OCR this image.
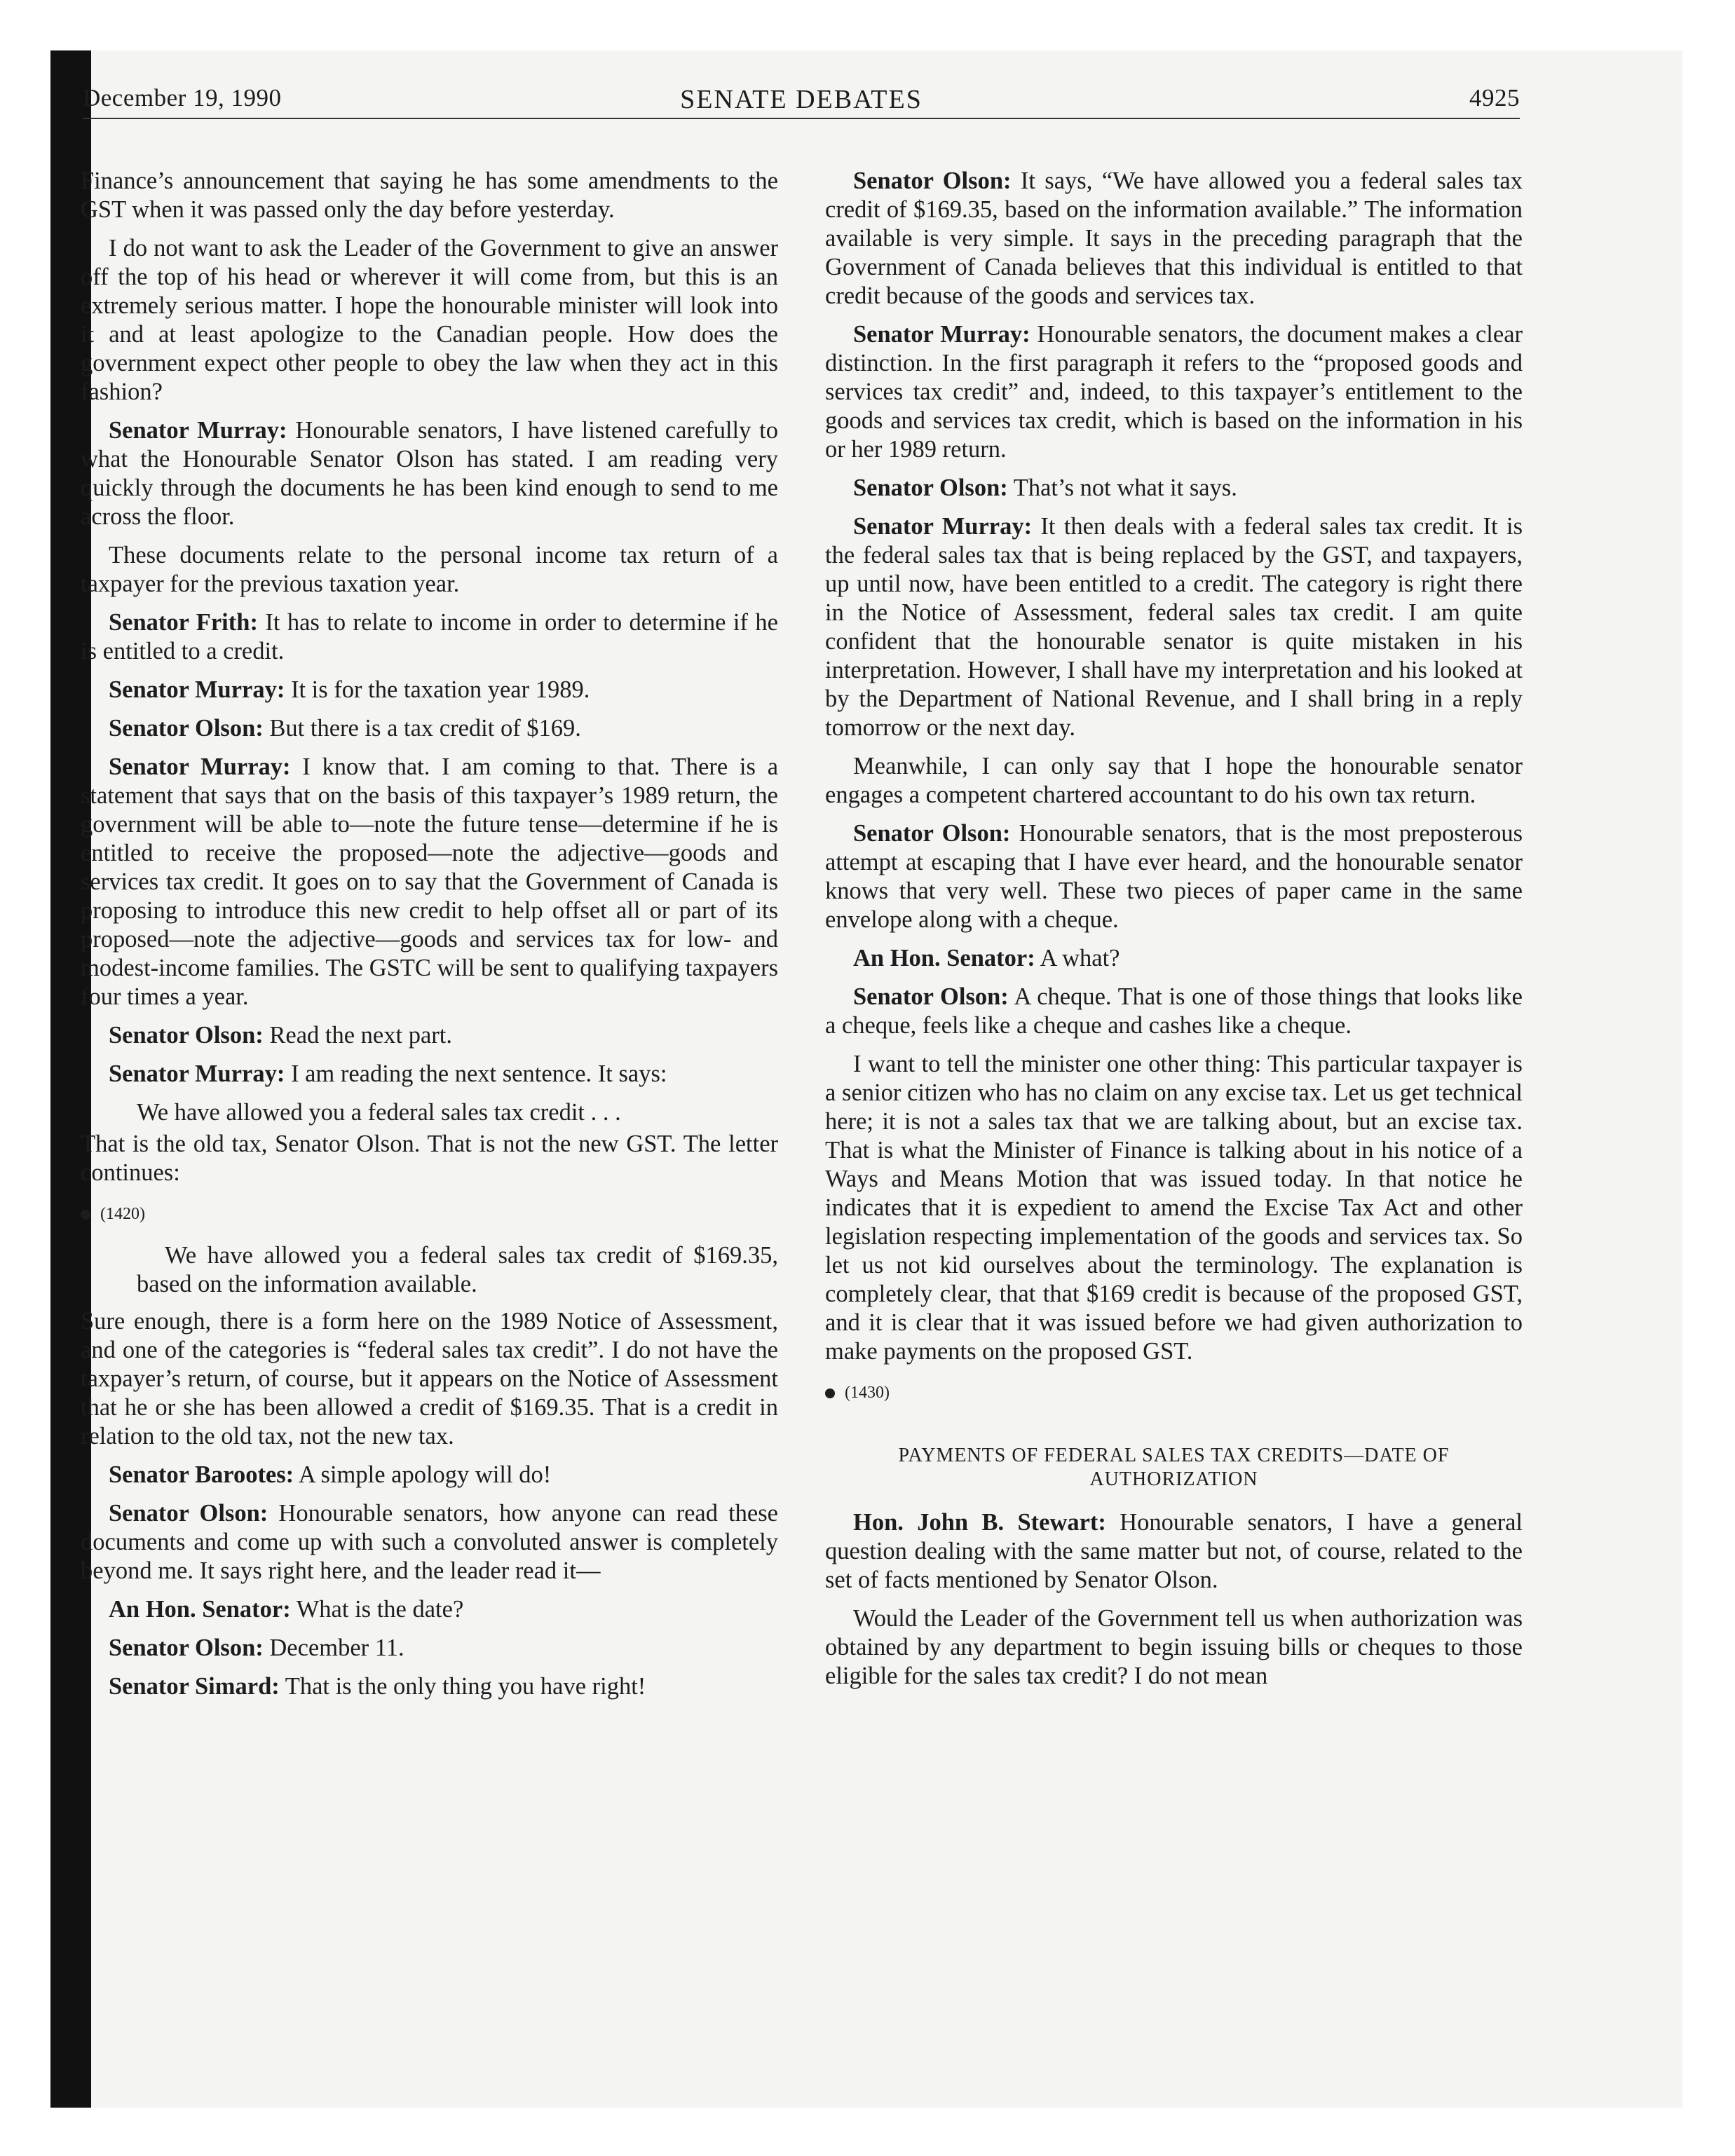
SENATE DEBATES
December 19, 1990	4925

Finance’s announcement that saying he has some amendments to the GST when it was passed only the day before yesterday.

I do not want to ask the Leader of the Government to give an answer off the top of his head or wherever it will come from, but this is an extremely serious matter. I hope the honourable minister will look into it and at least apologize to the Canadian people. How does the government expect other people to obey the law when they act in this fashion?

Senator Murray: Honourable senators, I have listened carefully to what the Honourable Senator Olson has stated. I am reading very quickly through the documents he has been kind enough to send to me across the floor.

These documents relate to the personal income tax return of a taxpayer for the previous taxation year.

Senator Frith: It has to relate to income in order to determine if he is entitled to a credit.

Senator Murray: It is for the taxation year 1989.

Senator Olson: But there is a tax credit of $169.

Senator Murray: I know that. I am coming to that. There is a statement that says that on the basis of this taxpayer’s 1989 return, the government will be able to—note the future tense—determine if he is entitled to receive the proposed—note the adjective—goods and services tax credit. It goes on to say that the Government of Canada is proposing to introduce this new credit to help offset all or part of its proposed—note the adjective—goods and services tax for low- and modest-income families. The GSTC will be sent to qualifying taxpayers four times a year.

Senator Olson: Read the next part.

Senator Murray: I am reading the next sentence. It says:

We have allowed you a federal sales tax credit . . .

That is the old tax, Senator Olson. That is not the new GST. The letter continues:

(1420)

We have allowed you a federal sales tax credit of $169.35, based on the information available.

Sure enough, there is a form here on the 1989 Notice of Assessment, and one of the categories is “federal sales tax credit”. I do not have the taxpayer’s return, of course, but it appears on the Notice of Assessment that he or she has been allowed a credit of $169.35. That is a credit in relation to the old tax, not the new tax.

Senator Barootes: A simple apology will do!

Senator Olson: Honourable senators, how anyone can read these documents and come up with such a convoluted answer is completely beyond me. It says right here, and the leader read it—

An Hon. Senator: What is the date?

Senator Olson: December 11.

Senator Simard: That is the only thing you have right!

Senator Olson: It says, “We have allowed you a federal sales tax credit of $169.35, based on the information available.” The information available is very simple. It says in the preceding paragraph that the Government of Canada believes that this individual is entitled to that credit because of the goods and services tax.

Senator Murray: Honourable senators, the document makes a clear distinction. In the first paragraph it refers to the “proposed goods and services tax credit” and, indeed, to this taxpayer’s entitlement to the goods and services tax credit, which is based on the information in his or her 1989 return.

Senator Olson: That’s not what it says.

Senator Murray: It then deals with a federal sales tax credit. It is the federal sales tax that is being replaced by the GST, and taxpayers, up until now, have been entitled to a credit. The category is right there in the Notice of Assessment, federal sales tax credit. I am quite confident that the honourable senator is quite mistaken in his interpretation. However, I shall have my interpretation and his looked at by the Department of National Revenue, and I shall bring in a reply tomorrow or the next day.

Meanwhile, I can only say that I hope the honourable senator engages a competent chartered accountant to do his own tax return.

Senator Olson: Honourable senators, that is the most preposterous attempt at escaping that I have ever heard, and the honourable senator knows that very well. These two pieces of paper came in the same envelope along with a cheque.

An Hon. Senator: A what?

Senator Olson: A cheque. That is one of those things that looks like a cheque, feels like a cheque and cashes like a cheque.

I want to tell the minister one other thing: This particular taxpayer is a senior citizen who has no claim on any excise tax. Let us get technical here; it is not a sales tax that we are talking about, but an excise tax. That is what the Minister of Finance is talking about in his notice of a Ways and Means Motion that was issued today. In that notice he indicates that it is expedient to amend the Excise Tax Act and other legislation respecting implementation of the goods and services tax. So let us not kid ourselves about the terminology. The explanation is completely clear, that that $169 credit is because of the proposed GST, and it is clear that it was issued before we had given authorization to make payments on the proposed GST.

(1430)
PAYMENTS OF FEDERAL SALES TAX CREDITS—DATE OF AUTHORIZATION

Hon. John B. Stewart: Honourable senators, I have a general question dealing with the same matter but not, of course, related to the set of facts mentioned by Senator Olson.

Would the Leader of the Government tell us when authorization was obtained by any department to begin issuing bills or cheques to those eligible for the sales tax credit? I do not mean
